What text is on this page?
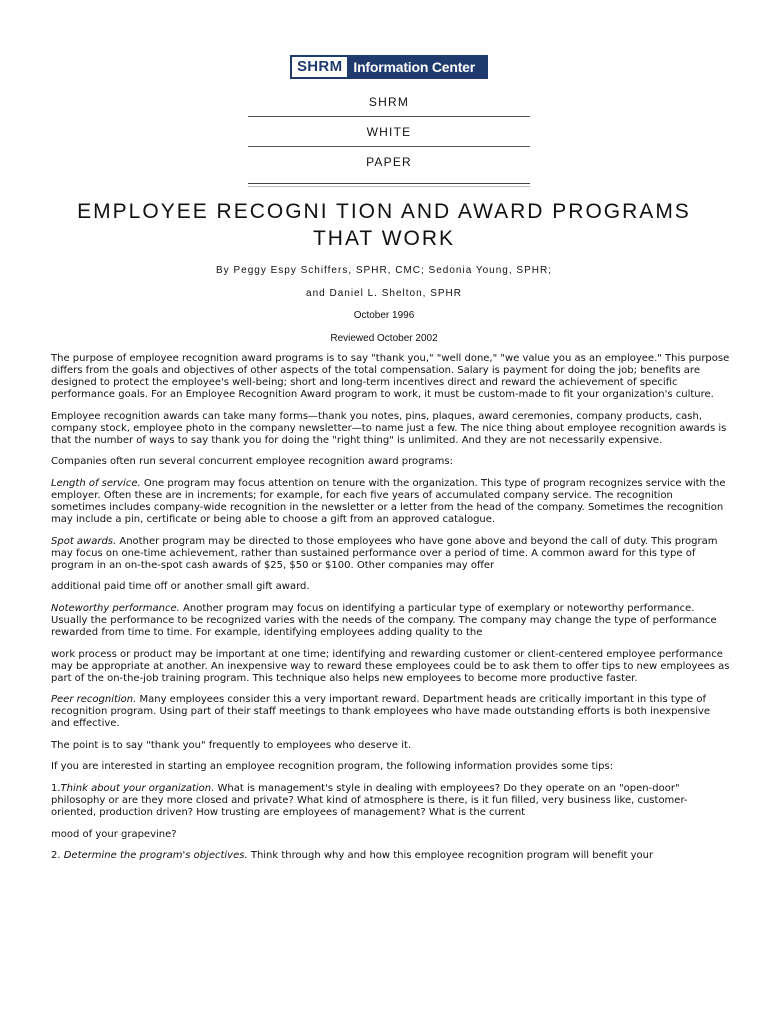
SHRM Information Center
SHRM
WHITE
PAPER
EMPLOYEE RECOGNI TION AND AWARD PROGRAMS
THAT WORK
By Peggy Espy Schiffers, SPHR, CMC; Sedonia Young, SPHR;
and Daniel L. Shelton, SPHR
October 1996
Reviewed October 2002

The purpose of employee recognition award programs is to say "thank you," "well done," "we value you as an employee." This purpose differs from the goals and objectives of other aspects of the total compensation. Salary is payment for doing the job; benefits are designed to protect the employee's well-being; short and long-term incentives direct and reward the achievement of specific performance goals. For an Employee Recognition Award program to work, it must be custom-made to fit your organization's culture.

Employee recognition awards can take many forms—thank you notes, pins, plaques, award ceremonies, company products, cash, company stock, employee photo in the company newsletter—to name just a few. The nice thing about employee recognition awards is that the number of ways to say thank you for doing the "right thing" is unlimited. And they are not necessarily expensive.

Companies often run several concurrent employee recognition award programs:

Length of service. One program may focus attention on tenure with the organization. This type of program recognizes service with the employer. Often these are in increments; for example, for each five years of accumulated company service. The recognition sometimes includes company-wide recognition in the newsletter or a letter from the head of the company. Sometimes the recognition may include a pin, certificate or being able to choose a gift from an approved catalogue.

Spot awards. Another program may be directed to those employees who have gone above and beyond the call of duty. This program may focus on one-time achievement, rather than sustained performance over a period of time. A common award for this type of program in an on-the-spot cash awards of $25, $50 or $100. Other companies may offer

additional paid time off or another small gift award.

Noteworthy performance. Another program may focus on identifying a particular type of exemplary or noteworthy performance. Usually the performance to be recognized varies with the needs of the company. The company may change the type of performance rewarded from time to time. For example, identifying employees adding quality to the

work process or product may be important at one time; identifying and rewarding customer or client-centered employee performance may be appropriate at another. An inexpensive way to reward these employees could be to ask them to offer tips to new employees as part of the on-the-job training program. This technique also helps new employees to become more productive faster.

Peer recognition. Many employees consider this a very important reward. Department heads are critically important in this type of recognition program. Using part of their staff meetings to thank employees who have made outstanding efforts is both inexpensive and effective.

The point is to say "thank you" frequently to employees who deserve it.

If you are interested in starting an employee recognition program, the following information provides some tips:

1.Think about your organization. What is management's style in dealing with employees? Do they operate on an "open-door" philosophy or are they more closed and private? What kind of atmosphere is there, is it fun filled, very business like, customer-oriented, production driven? How trusting are employees of management? What is the current

mood of your grapevine?

2. Determine the program's objectives. Think through why and how this employee recognition program will benefit your
